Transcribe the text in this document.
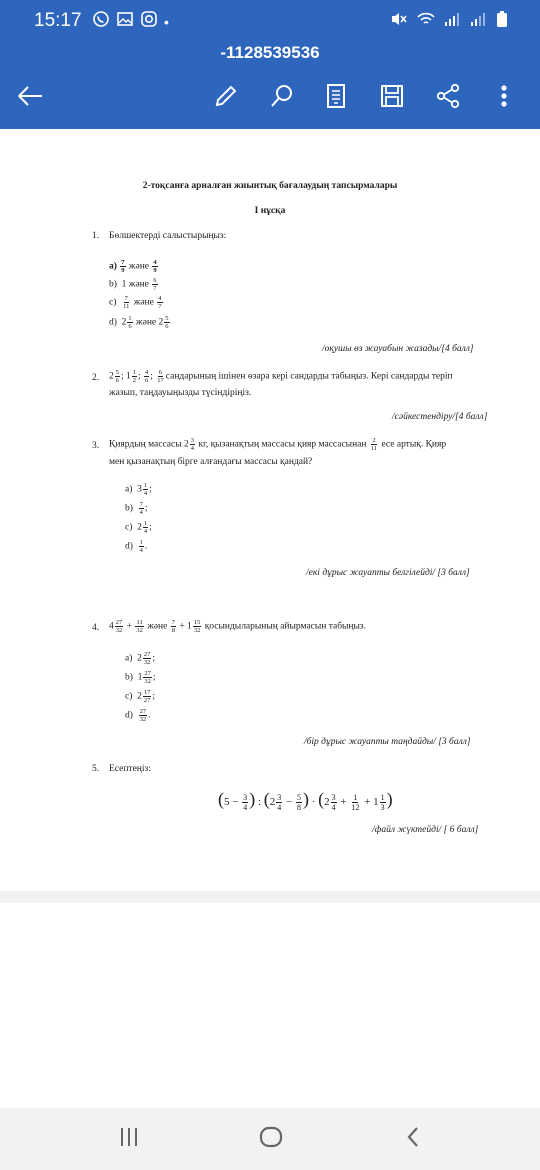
15:17	•
-1128539536
2-тоқсанға арналған жиынтық бағалаудың тапсырмалары
І нұсқа
1. Бөлшектерді салыстырыңыз:
$а) \frac{7}{9}$ және $\frac{4}{9}$
b) 1 және $\frac{6}{7}$
$c) \frac{7}{11}$ және $\frac{4}{7}$
d) $2 \frac{1}{6}$ және $2 \frac{5}{6}$
/оқушы өз жауабын жазады/[4 балл]
2. $2 \frac{5}{6}$ ; $1 \frac{1}{2}$ ; $\frac{4}{6}$ ; $\frac{6}{17}$ сандарының ішінен өзара кері сандарды табыңыз. Кері сандарды теріп
жазып, таңдауыңызды түсіндіріңіз.
/сәйкестендіру/[4 балл]
3. Қиярдың массасы $2 \frac{3}{4}$ кг, қызанақтың массасы қияр массасынан $\frac{2}{11}$ есе артық. Қияр
мен қызанақтың бірге алғандағы массасы қандай?
a)  $3 \frac{1}{4}$ ;
$b) \frac{7}{4}$ ;
c)  $2 \frac{1}{4}$ ;
$d) \frac{1}{4}$ .
/екі дұрыс жауапты белгілейді/ [3 балл]
4. $4 \frac{27}{32} + \frac{11}{32}$ және $\frac{7}{8} + 1 \frac{15}{32}$ қосындыларының айырмасын табыңыз.
a)  $2 \frac{27}{32}$ ;
b)  $1 \frac{27}{32}$ ;
c)  $2 \frac{17}{27}$ ;
$d) \frac{27}{32}$ .
/бір дұрыс жауапты таңдайды/ [3 балл]
5. Есептеңіз:
($5 - \frac{3}{4}$ ) : ($2 \frac{3}{4} - \frac{5}{8}$ ) · ($2 \frac{3}{4} + \frac{1}{12} + 1 \frac{1}{3}$ )
/файл жүктейді/ [ 6 балл]
